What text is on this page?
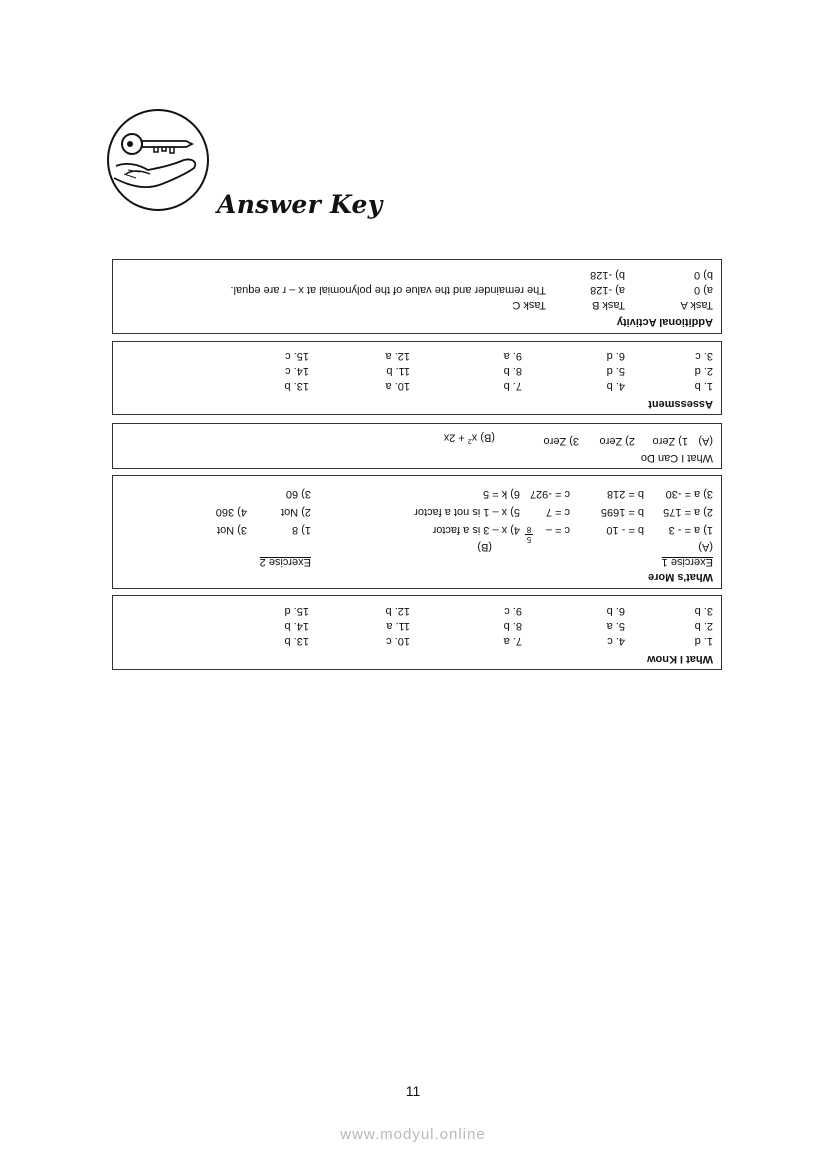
Answer Key
Additional Activity
Task A
Task B
Task C
a) 0
b) 0
a) -128
b) -128
The remainder and the value of the polynomial at x – r are equal.
Assessment
1. b
2. d
3. c
4. b
5. d
6. d
7. b
8. b
9. a
10. a
11. b
12. a
13. b
14. c
15. c
What I Can Do
(A)
1) Zero
2) Zero
3) Zero
(B) $x^2 + 2x$
What's More
Exercise 1
Exercise 2
(A)
(B)
1) a = - 3
2) a = 175
3) a = -30
b = - 10
b = 1695
b = 218
c = –
5
8
c = 7
c = -927
4) x – 3 is a factor
5) x – 1 is not a factor
6) k = 5
1) 8
2) Not
3) 60
3) Not
4) 360
What I Know
1. d
2. b
3. b
4. c
5. a
6. b
7. a
8. b
9. c
10. c
11. a
12. b
13. b
14. b
15. d
11
www.modyul.online
